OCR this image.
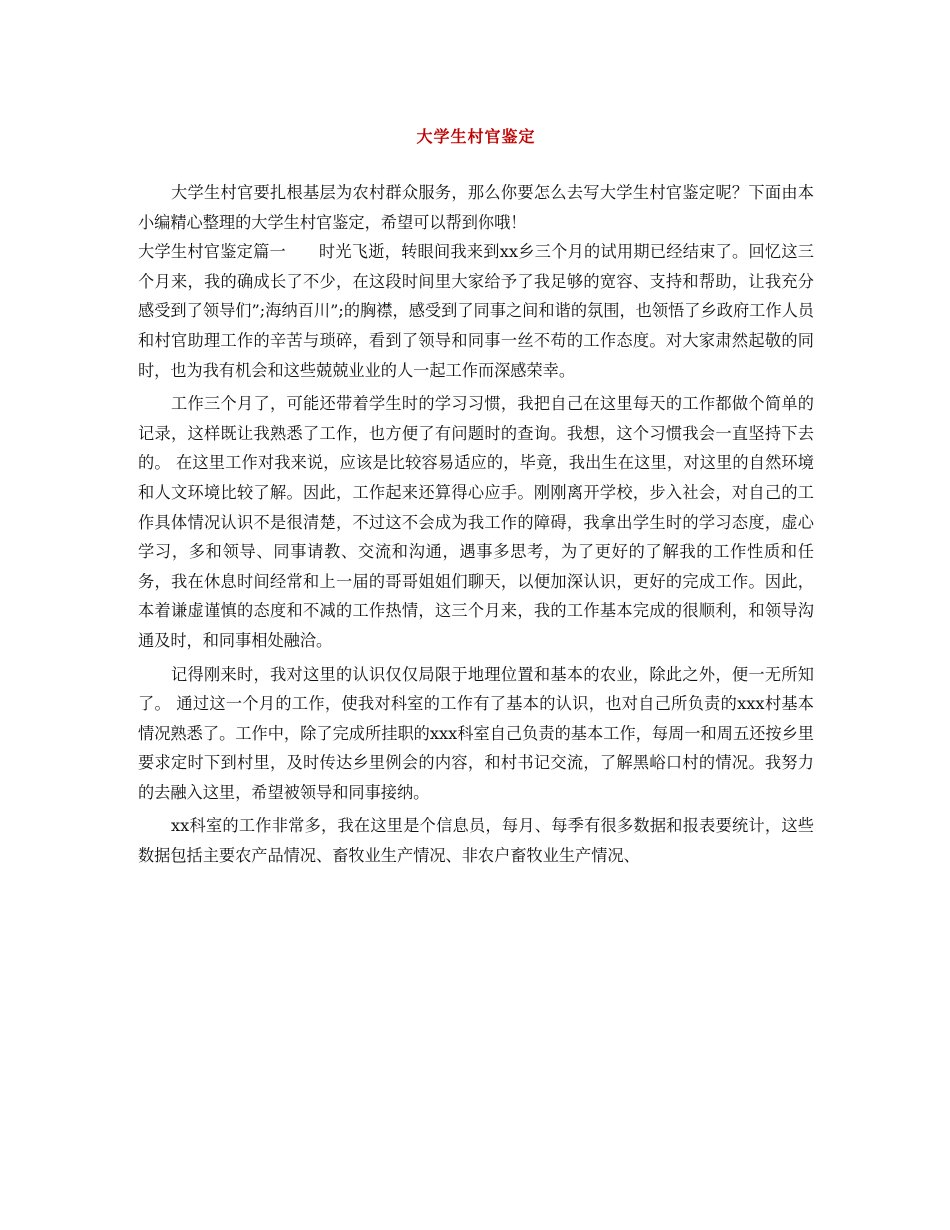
大学生村官鉴定

大学生村官要扎根基层为农村群众服务，那么你要怎么去写大学生村官鉴定呢？下面由本小编精心整理的大学生村官鉴定，希望可以帮到你哦！

大学生村官鉴定篇一　　时光飞逝，转眼间我来到xx乡三个月的试用期已经结束了。回忆这三个月来，我的确成长了不少，在这段时间里大家给予了我足够的宽容、支持和帮助，让我充分感受到了领导们”;海纳百川”;的胸襟，感受到了同事之间和谐的氛围，也领悟了乡政府工作人员和村官助理工作的辛苦与琐碎，看到了领导和同事一丝不苟的工作态度。对大家肃然起敬的同时，也为我有机会和这些兢兢业业的人一起工作而深感荣幸。

工作三个月了，可能还带着学生时的学习习惯，我把自己在这里每天的工作都做个简单的记录，这样既让我熟悉了工作，也方便了有问题时的查询。我想，这个习惯我会一直坚持下去的。 在这里工作对我来说，应该是比较容易适应的，毕竟，我出生在这里，对这里的自然环境和人文环境比较了解。因此，工作起来还算得心应手。刚刚离开学校，步入社会，对自己的工作具体情况认识不是很清楚，不过这不会成为我工作的障碍，我拿出学生时的学习态度，虚心学习，多和领导、同事请教、交流和沟通，遇事多思考，为了更好的了解我的工作性质和任务，我在休息时间经常和上一届的哥哥姐姐们聊天，以便加深认识，更好的完成工作。因此，本着谦虚谨慎的态度和不减的工作热情，这三个月来，我的工作基本完成的很顺利，和领导沟通及时，和同事相处融洽。

记得刚来时，我对这里的认识仅仅局限于地理位置和基本的农业，除此之外，便一无所知了。 通过这一个月的工作，使我对科室的工作有了基本的认识，也对自己所负责的xxx村基本情况熟悉了。工作中，除了完成所挂职的xxx科室自己负责的基本工作，每周一和周五还按乡里要求定时下到村里，及时传达乡里例会的内容，和村书记交流，了解黑峪口村的情况。我努力的去融入这里，希望被领导和同事接纳。

xx科室的工作非常多，我在这里是个信息员，每月、每季有很多数据和报表要统计，这些数据包括主要农产品情况、畜牧业生产情况、非农户畜牧业生产情况、
